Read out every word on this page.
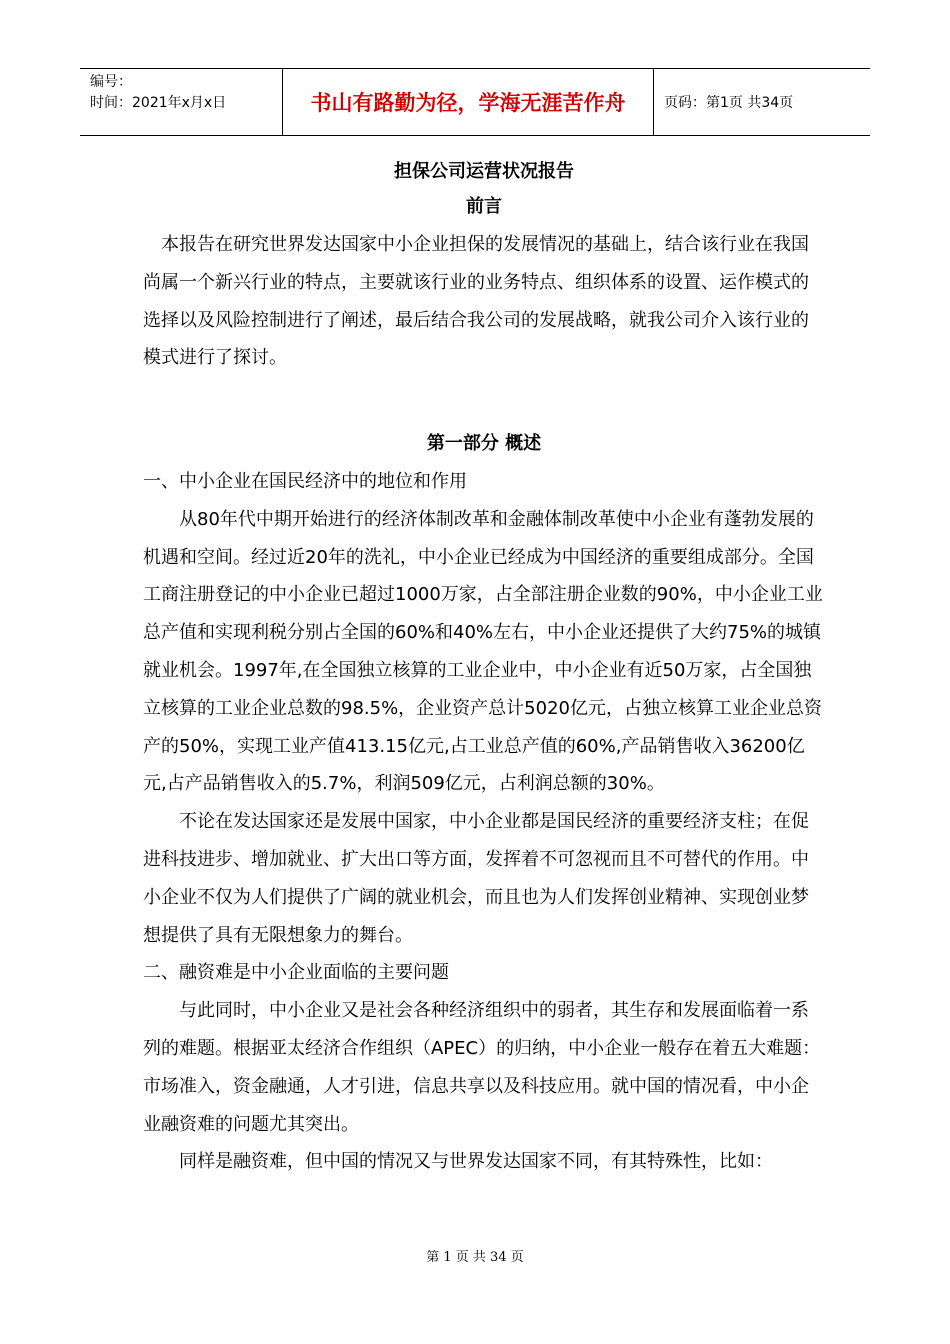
编号：
时间：2021年x月x日	书山有路勤为径，学海无涯苦作舟	页码：第1页 共34页
担保公司运营状况报告
前言

本报告在研究世界发达国家中小企业担保的发展情况的基础上，结合该行业在我国尚属一个新兴行业的特点，主要就该行业的业务特点、组织体系的设置、运作模式的选择以及风险控制进行了阐述，最后结合我公司的发展战略，就我公司介入该行业的模式进行了探讨。

第一部分 概述

一、中小企业在国民经济中的地位和作用

从80年代中期开始进行的经济体制改革和金融体制改革使中小企业有蓬勃发展的机遇和空间。经过近20年的洗礼，中小企业已经成为中国经济的重要组成部分。全国工商注册登记的中小企业已超过1000万家，占全部注册企业数的90%，中小企业工业总产值和实现利税分别占全国的60%和40%左右，中小企业还提供了大约75%的城镇就业机会。1997年,在全国独立核算的工业企业中，中小企业有近50万家，占全国独立核算的工业企业总数的98.5%，企业资产总计5020亿元，占独立核算工业企业总资产的50%，实现工业产值413.15亿元,占工业总产值的60%,产品销售收入36200亿元,占产品销售收入的5.7%，利润509亿元，占利润总额的30%。

不论在发达国家还是发展中国家，中小企业都是国民经济的重要经济支柱；在促进科技进步、增加就业、扩大出口等方面，发挥着不可忽视而且不可替代的作用。中小企业不仅为人们提供了广阔的就业机会，而且也为人们发挥创业精神、实现创业梦想提供了具有无限想象力的舞台。

二、融资难是中小企业面临的主要问题

与此同时，中小企业又是社会各种经济组织中的弱者，其生存和发展面临着一系列的难题。根据亚太经济合作组织（APEC）的归纳，中小企业一般存在着五大难题：市场准入，资金融通，人才引进，信息共享以及科技应用。就中国的情况看，中小企业融资难的问题尤其突出。

同样是融资难，但中国的情况又与世界发达国家不同，有其特殊性，比如：

第 1 页 共 34 页
